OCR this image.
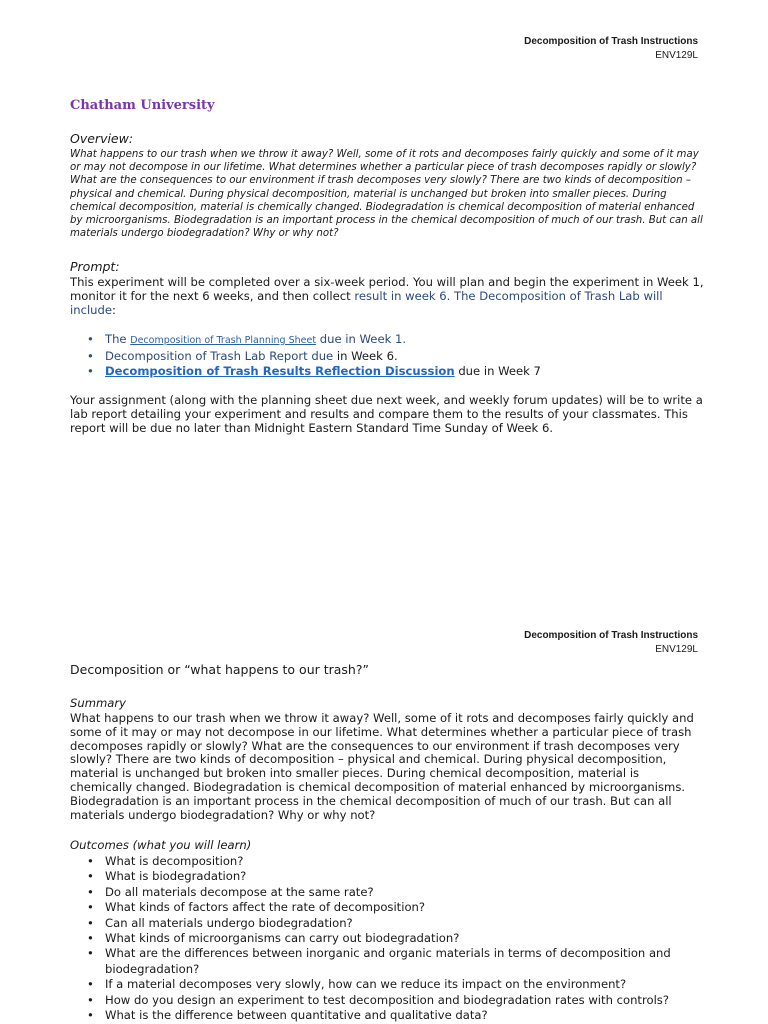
Decomposition of Trash Instructions
ENV129L
Chatham University
Overview:

What happens to our trash when we throw it away? Well, some of it rots and decomposes fairly quickly and some of it may or may not decompose in our lifetime. What determines whether a particular piece of trash decomposes rapidly or slowly? What are the consequences to our environment if trash decomposes very slowly? There are two kinds of decomposition – physical and chemical. During physical decomposition, material is unchanged but broken into smaller pieces. During chemical decomposition, material is chemically changed. Biodegradation is chemical decomposition of material enhanced by microorganisms. Biodegradation is an important process in the chemical decomposition of much of our trash. But can all materials undergo biodegradation? Why or why not?

Prompt:

This experiment will be completed over a six-week period. You will plan and begin the experiment in Week 1, monitor it for the next 6 weeks, and then collect result in week 6. The Decomposition of Trash Lab will include:

• The Decomposition of Trash Planning Sheet due in Week 1.
• Decomposition of Trash Lab Report due in Week 6.
• Decomposition of Trash Results Reflection Discussion due in Week 7

Your assignment (along with the planning sheet due next week, and weekly forum updates) will be to write a lab report detailing your experiment and results and compare them to the results of your classmates. This report will be due no later than Midnight Eastern Standard Time Sunday of Week 6.

Decomposition of Trash Instructions
ENV129L
Decomposition or “what happens to our trash?”
Summary

What happens to our trash when we throw it away? Well, some of it rots and decomposes fairly quickly and some of it may or may not decompose in our lifetime. What determines whether a particular piece of trash decomposes rapidly or slowly? What are the consequences to our environment if trash decomposes very slowly? There are two kinds of decomposition – physical and chemical. During physical decomposition, material is unchanged but broken into smaller pieces. During chemical decomposition, material is chemically changed. Biodegradation is chemical decomposition of material enhanced by microorganisms. Biodegradation is an important process in the chemical decomposition of much of our trash. But can all materials undergo biodegradation? Why or why not?

Outcomes (what you will learn)
• What is decomposition?
• What is biodegradation?
• Do all materials decompose at the same rate?
• What kinds of factors affect the rate of decomposition?
• Can all materials undergo biodegradation?
• What kinds of microorganisms can carry out biodegradation?
• What are the differences between inorganic and organic materials in terms of decomposition and biodegradation?
• If a material decomposes very slowly, how can we reduce its impact on the environment?
• How do you design an experiment to test decomposition and biodegradation rates with controls?
• What is the difference between quantitative and qualitative data?
